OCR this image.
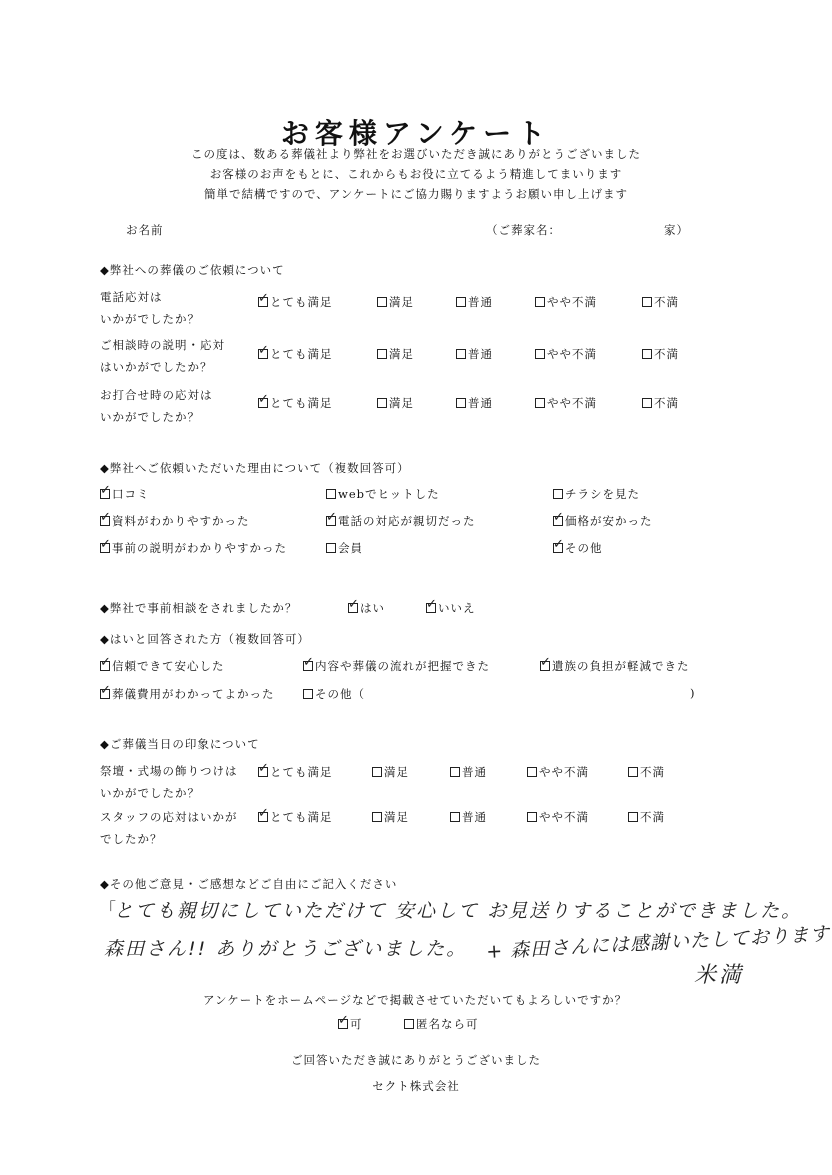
お客様アンケート
この度は、数ある葬儀社より弊社をお選びいただき誠にありがとうございました
お客様のお声をもとに、これからもお役に立てるよう精進してまいります
簡単で結構ですので、アンケートにご協力賜りますようお願い申し上げます
お名前	（ご葬家名：	家）
◆弊社への葬儀のご依頼について
電話応対は
いかがでしたか？
✓ とても満足	満足	普通	やや不満	不満
ご相談時の説明・応対
はいかがでしたか？
✓ とても満足	満足	普通	やや不満	不満
お打合せ時の応対は
いかがでしたか？
✓ とても満足	満足	普通	やや不満	不満
◆弊社へご依頼いただいた理由について（複数回答可）
✓ 口コミ	webでヒットした	チラシを見た
✓ 資料がわかりやすかった	✓ 電話の対応が親切だった	✓ 価格が安かった
✓ 事前の説明がわかりやすかった	会員	✓ その他
◆弊社で事前相談をされましたか？	✓ はい	✓ いいえ
◆はいと回答された方（複数回答可）
✓ 信頼できて安心した	✓ 内容や葬儀の流れが把握できた	✓ 遺族の負担が軽減できた
✓ 葬儀費用がわかってよかった	その他（	)
◆ご葬儀当日の印象について
祭壇・式場の飾りつけは
いかがでしたか？
✓ とても満足	満足	普通	やや不満	不満
スタッフの応対はいかが
でしたか？
✓ とても満足	満足	普通	やや不満	不満
◆その他ご意見・ご感想などご自由にご記入ください
「
とても親切にしていただけて 安心して お見送りすることができました。
森田さん!! ありがとうございました。 + 森田さんには感謝いたしております
米満
アンケートをホームページなどで掲載させていただいてもよろしいですか？
✓ 可	匿名なら可
ご回答いただき誠にありがとうございました
セクト株式会社
